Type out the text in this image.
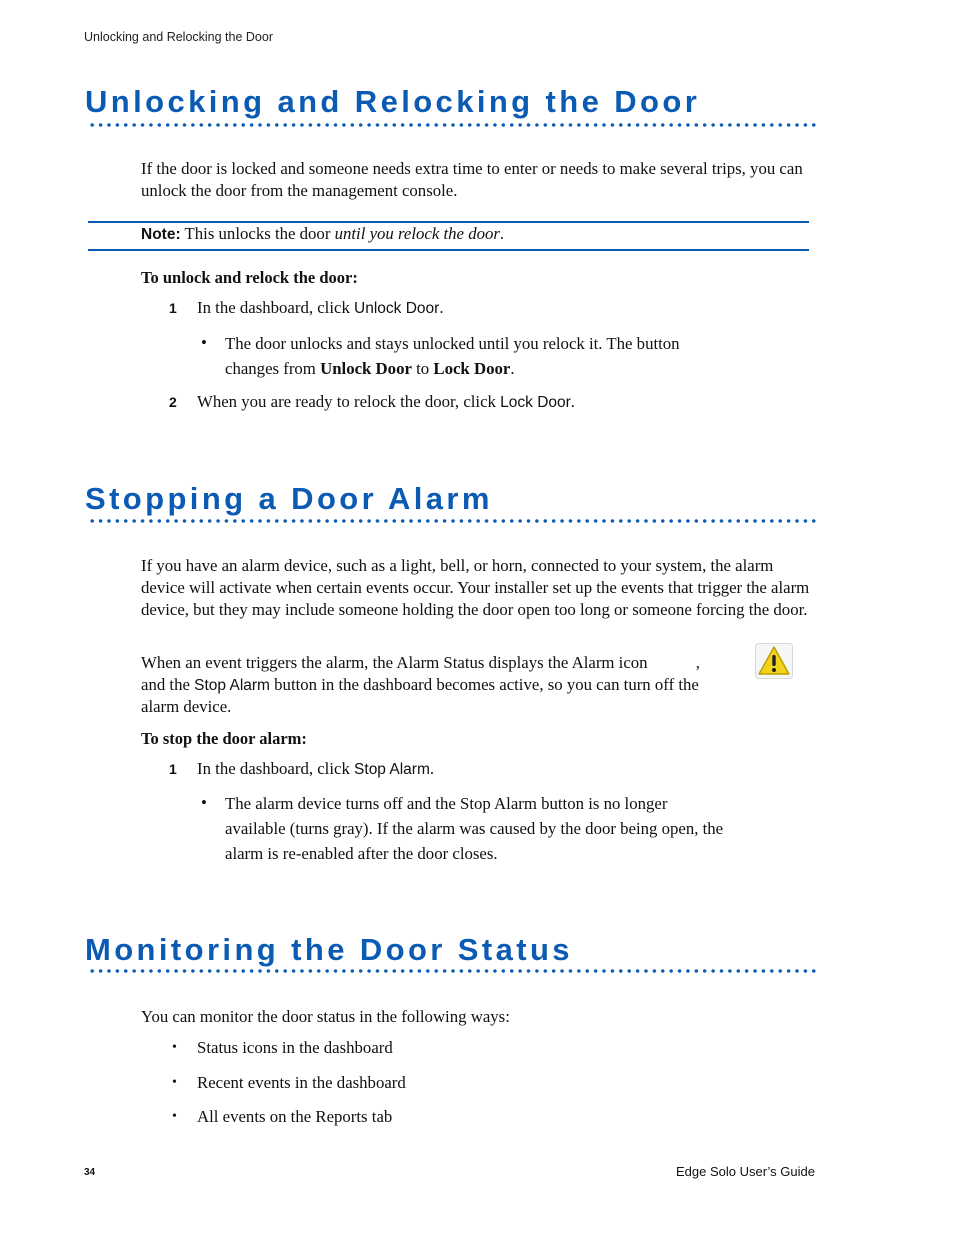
Unlocking and Relocking the Door
Unlocking and Relocking the Door
If the door is locked and someone needs extra time to enter or needs to make several trips, you can unlock the door from the management console.
Note: This unlocks the door until you relock the door.
To unlock and relock the door:
1 In the dashboard, click Unlock Door.
• The door unlocks and stays unlocked until you relock it. The button
changes from Unlock Door to Lock Door.
2 When you are ready to relock the door, click Lock Door.
Stopping a Door Alarm
If you have an alarm device, such as a light, bell, or horn, connected to your system, the alarm device will activate when certain events occur. Your installer set up the events that trigger the alarm device, but they may include someone holding the door open too long or someone forcing the door.
When an event triggers the alarm, the Alarm Status displays the Alarm icon	,
and the Stop Alarm button in the dashboard becomes active, so you can turn off the
alarm device.
To stop the door alarm:
1 In the dashboard, click Stop Alarm.
• The alarm device turns off and the Stop Alarm button is no longer
available (turns gray). If the alarm was caused by the door being open, the
alarm is re-enabled after the door closes.
Monitoring the Door Status
You can monitor the door status in the following ways:
• Status icons in the dashboard
• Recent events in the dashboard
• All events on the Reports tab
34	Edge Solo User’s Guide
